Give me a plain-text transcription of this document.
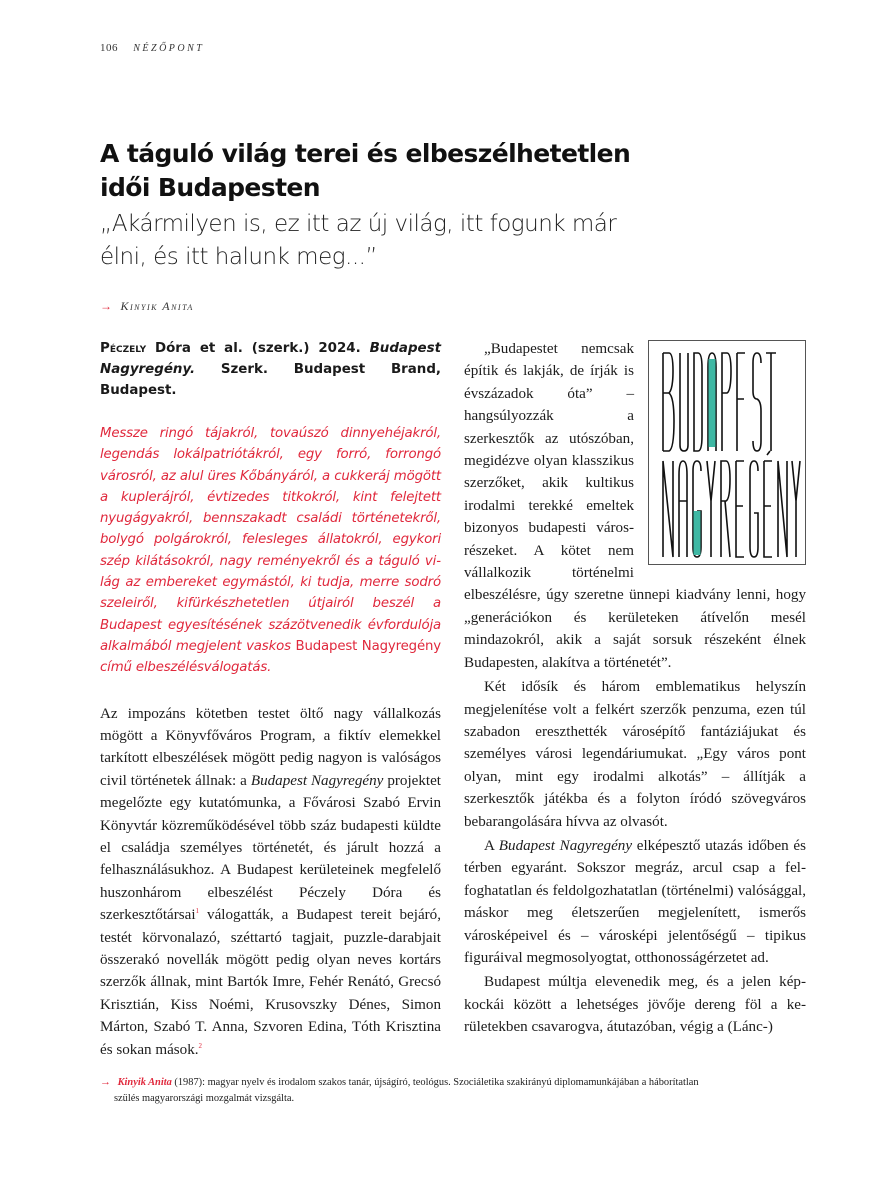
106 NÉZŐPONT
A táguló világ terei és elbeszélhetetlen idői Budapesten
„Akármilyen is, ez itt az új világ, itt fogunk már élni, és itt halunk meg...”
→ Kinyik Anita
Péczely Dóra et al. (szerk.) 2024. Budapest Nagyregény. Szerk. Budapest Brand, Budapest.
Messze ringó tájakról, tovaúszó dinnyehéjakról, legendás lokálpatriótákról, egy forró, forrongó városról, az alul üres Kőbányáról, a cukkeráj mögött a kuplerájról, évtizedes titkokról, kint felejtett nyugágyakról, bennszakadt családi történetekről, bolygó polgárokról, felesleges állatokról, egykori szép kilátásokról, nagy reményekről és a táguló világ az embereket egymástól, ki tudja, merre sodró szeleiről, kifürkészhetetlen útjairól beszél a Budapest egyesítésének százötvenedik évfordulója alkalmából megjelent vaskos Budapest Nagyregény című elbeszélésválogatás.

Az impozáns kötetben testet öltő nagy vállalkozás mögött a Könyvfőváros Program, a fiktív elemekkel tarkított elbeszélések mögött pedig nagyon is valóságos civil történetek állnak: a Budapest Nagyregény projektet megelőzte egy kutatómunka, a Fővárosi Szabó Ervin Könyvtár közreműködésével több száz budapesti küldte el családja személyes történetét, és járult hozzá a felhasználásukhoz. A Budapest kerületeinek megfelelő huszonhárom elbeszélést Péczely Dóra és szerkesztőtársai$^1$ válogatták, a Budapest tereit bejáró, testét körvonalazó, széttartó tagjait, puzzle-darabjait összerakó novellák mögött pedig olyan neves kortárs szerzők állnak, mint Bartók Imre, Fehér Renátó, Grecsó Krisztián, Kiss Noémi, Krusovszky Dénes, Simon Márton, Szabó T. Anna, Szvoren Edina, Tóth Krisztina és sokan mások.$^2$

„Budapestet nemcsak építik és lakják, de írják is évszázadok óta” – hangsúlyozzák a szerkesztők az utószóban, megidézve olyan klasszikus szerzőket, akik kultikus irodalmi terekké emeltek bizonyos budapesti városrészeket. A kötet nem vállalkozik történelmi elbeszélésre, úgy szeretne ünnepi kiadvány lenni, hogy „generációkon és kerületeken átívelőn mesél mindazokról, akik a saját sorsuk részeként élnek Budapesten, alakítva a történetét”.

Két idősík és három emblematikus helyszín megjelenítése volt a felkért szerzők penzuma, ezen túl szabadon ereszthették városépítő fantáziájukat és személyes városi legendáriumukat. „Egy város pont olyan, mint egy irodalmi alkotás” – állítják a szerkesztők játékba és a folyton íródó szövegváros bebarangolására hívva az olvasót.

A Budapest Nagyregény elképesztő utazás időben és térben egyaránt. Sokszor megráz, arcul csap a felfoghatatlan és feldolgozhatatlan (történelmi) valósággal, máskor meg életszerűen megjelenített, ismerős városképeivel és – városképi jelentőségű – tipikus figuráival megmosolyogtat, otthonosságérzetet ad.

Budapest múltja elevenedik meg, és a jelen képkockái között a lehetséges jövője dereng föl a kerületekben csavarogva, átutazóban, végig a (Lánc-)

→ Kinyik Anita (1987): magyar nyelv és irodalom szakos tanár, újságíró, teológus. Szociáletika szakirányú diplomamunkájában a háborítatlan
szülés magyarországi mozgalmát vizsgálta.
